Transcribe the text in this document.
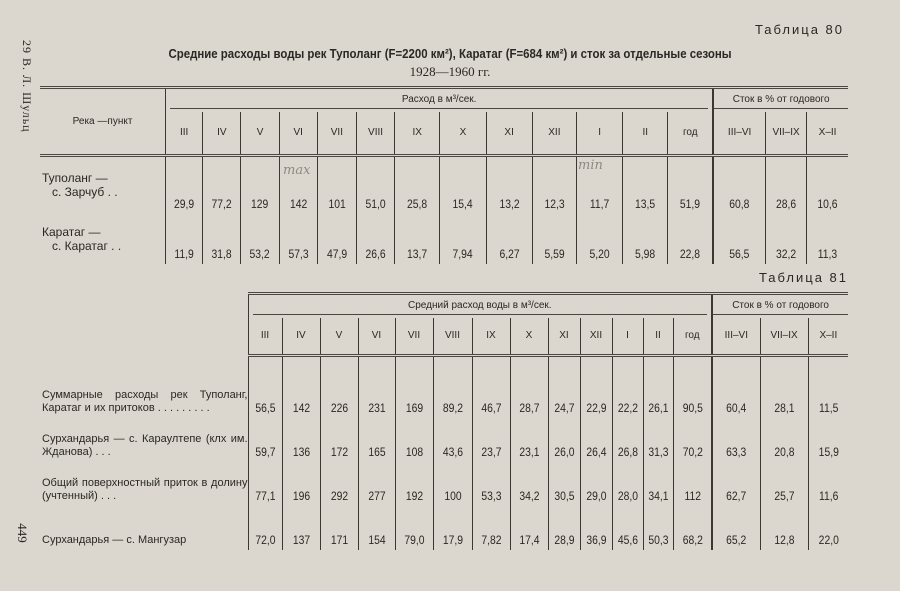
29 В. Л. Шульц
449
Таблица 80
Средние расходы воды рек Туполанг (F=2200 км²), Каратаг (F=684 км²) и сток за отдельные сезоны
1928—1960 гг.
Река —пункт	Расход в м³/сек.													Сток в % от годового		

	III	IV	V	VI	VII	VIII	IX	X	XI	XII	I	II	год	III–VI	VII–IX	X–II

Туполанг —
с. Зарчуб . .	29,9	77,2	129	142	101	51,0	25,8	15,4	13,2	12,3	11,7	13,5	51,9	60,8	28,6	10,6

Каратаг —
с. Каратаг . .	11,9	31,8	53,2	57,3	47,9	26,6	13,7	7,94	6,27	5,59	5,20	5,98	22,8	56,5	32,2	11,3
Таблица 81

	Средний расход воды в м³/сек.													Сток в % от годового		

	III	IV	V	VI	VII	VIII	IX	X	XI	XII	I	II	год	III–VI	VII–IX	X–II
Суммарные расходы рек Туполанг, Каратаг и их притоков . . . . . . . . .	56,5	142	226	231	169	89,2	46,7	28,7	24,7	22,9	22,2	26,1	90,5	60,4	28,1	11,5

Сурхандарья — с. Караултепе (клх им. Жданова) . . .	59,7	136	172	165	108	43,6	23,7	23,1	26,0	26,4	26,8	31,3	70,2	63,3	20,8	15,9

Общий поверхностный приток в долину (учтенный) . . .	77,1	196	292	277	192	100	53,3	34,2	30,5	29,0	28,0	34,1	112	62,7	25,7	11,6

Сурхандарья — с. Мангузар	72,0	137	171	154	79,0	17,9	7,82	17,4	28,9	36,9	45,6	50,3	68,2	65,2	12,8	22,0
max	min
